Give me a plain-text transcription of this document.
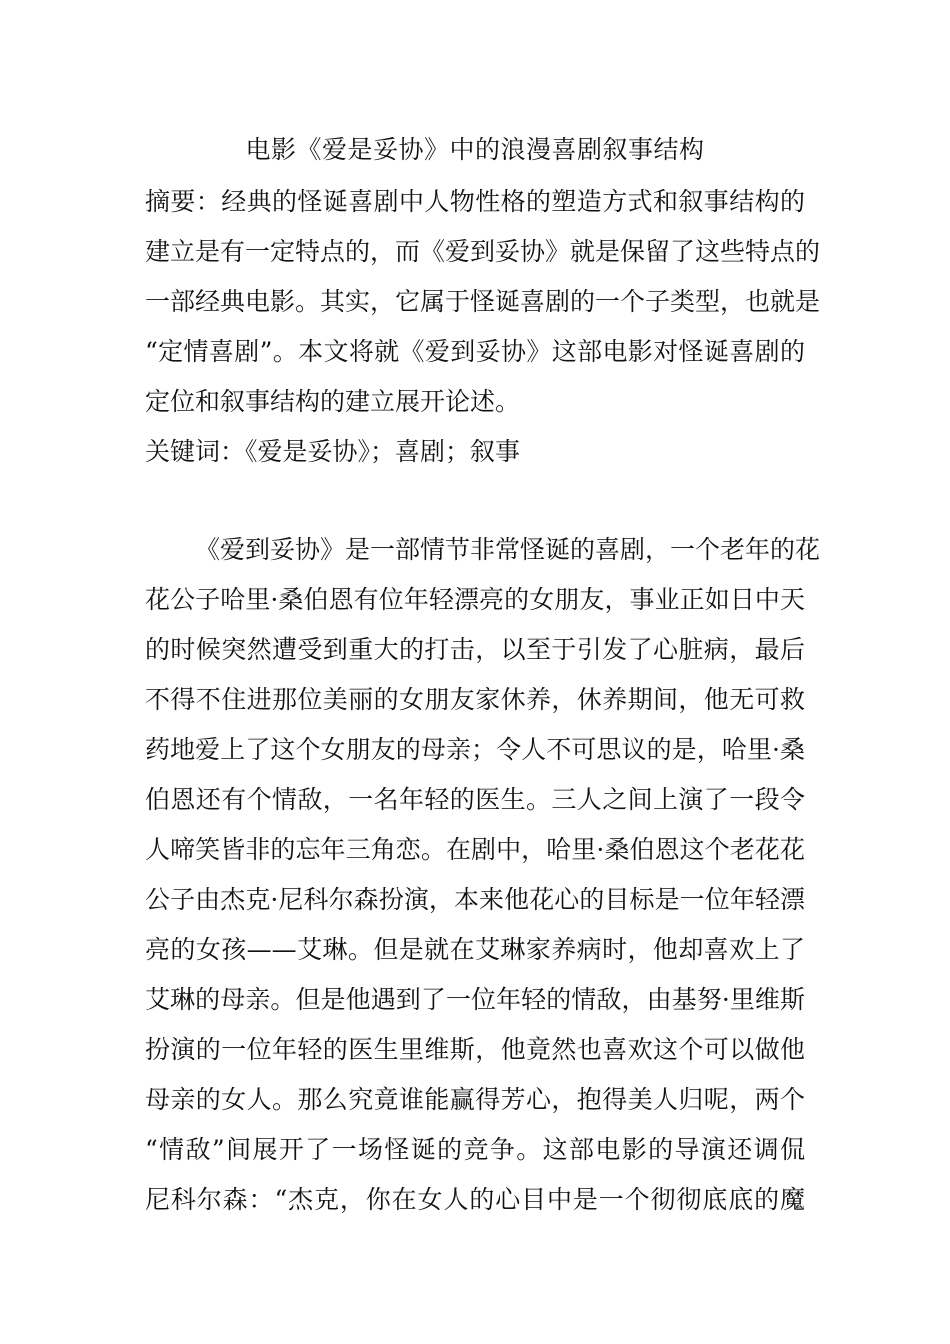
电影《爱是妥协》中的浪漫喜剧叙事结构
摘要：经典的怪诞喜剧中人物性格的塑造方式和叙事结构的
建立是有一定特点的，而《爱到妥协》就是保留了这些特点的
一部经典电影。其实，它属于怪诞喜剧的一个子类型，也就是
“定情喜剧”。本文将就《爱到妥协》这部电影对怪诞喜剧的
定位和叙事结构的建立展开论述。
关键词：《爱是妥协》；喜剧；叙事
《爱到妥协》是一部情节非常怪诞的喜剧，一个老年的花
花公子哈里·桑伯恩有位年轻漂亮的女朋友，事业正如日中天
的时候突然遭受到重大的打击，以至于引发了心脏病，最后
不得不住进那位美丽的女朋友家休养，休养期间，他无可救
药地爱上了这个女朋友的母亲；令人不可思议的是，哈里·桑
伯恩还有个情敌，一名年轻的医生。三人之间上演了一段令
人啼笑皆非的忘年三角恋。在剧中，哈里·桑伯恩这个老花花
公子由杰克·尼科尔森扮演，本来他花心的目标是一位年轻漂
亮的女孩——艾琳。但是就在艾琳家养病时，他却喜欢上了
艾琳的母亲。但是他遇到了一位年轻的情敌，由基努·里维斯
扮演的一位年轻的医生里维斯，他竟然也喜欢这个可以做他
母亲的女人。那么究竟谁能赢得芳心，抱得美人归呢，两个
“情敌”间展开了一场怪诞的竞争。这部电影的导演还调侃
尼科尔森：“杰克，你在女人的心目中是一个彻彻底底的魔
